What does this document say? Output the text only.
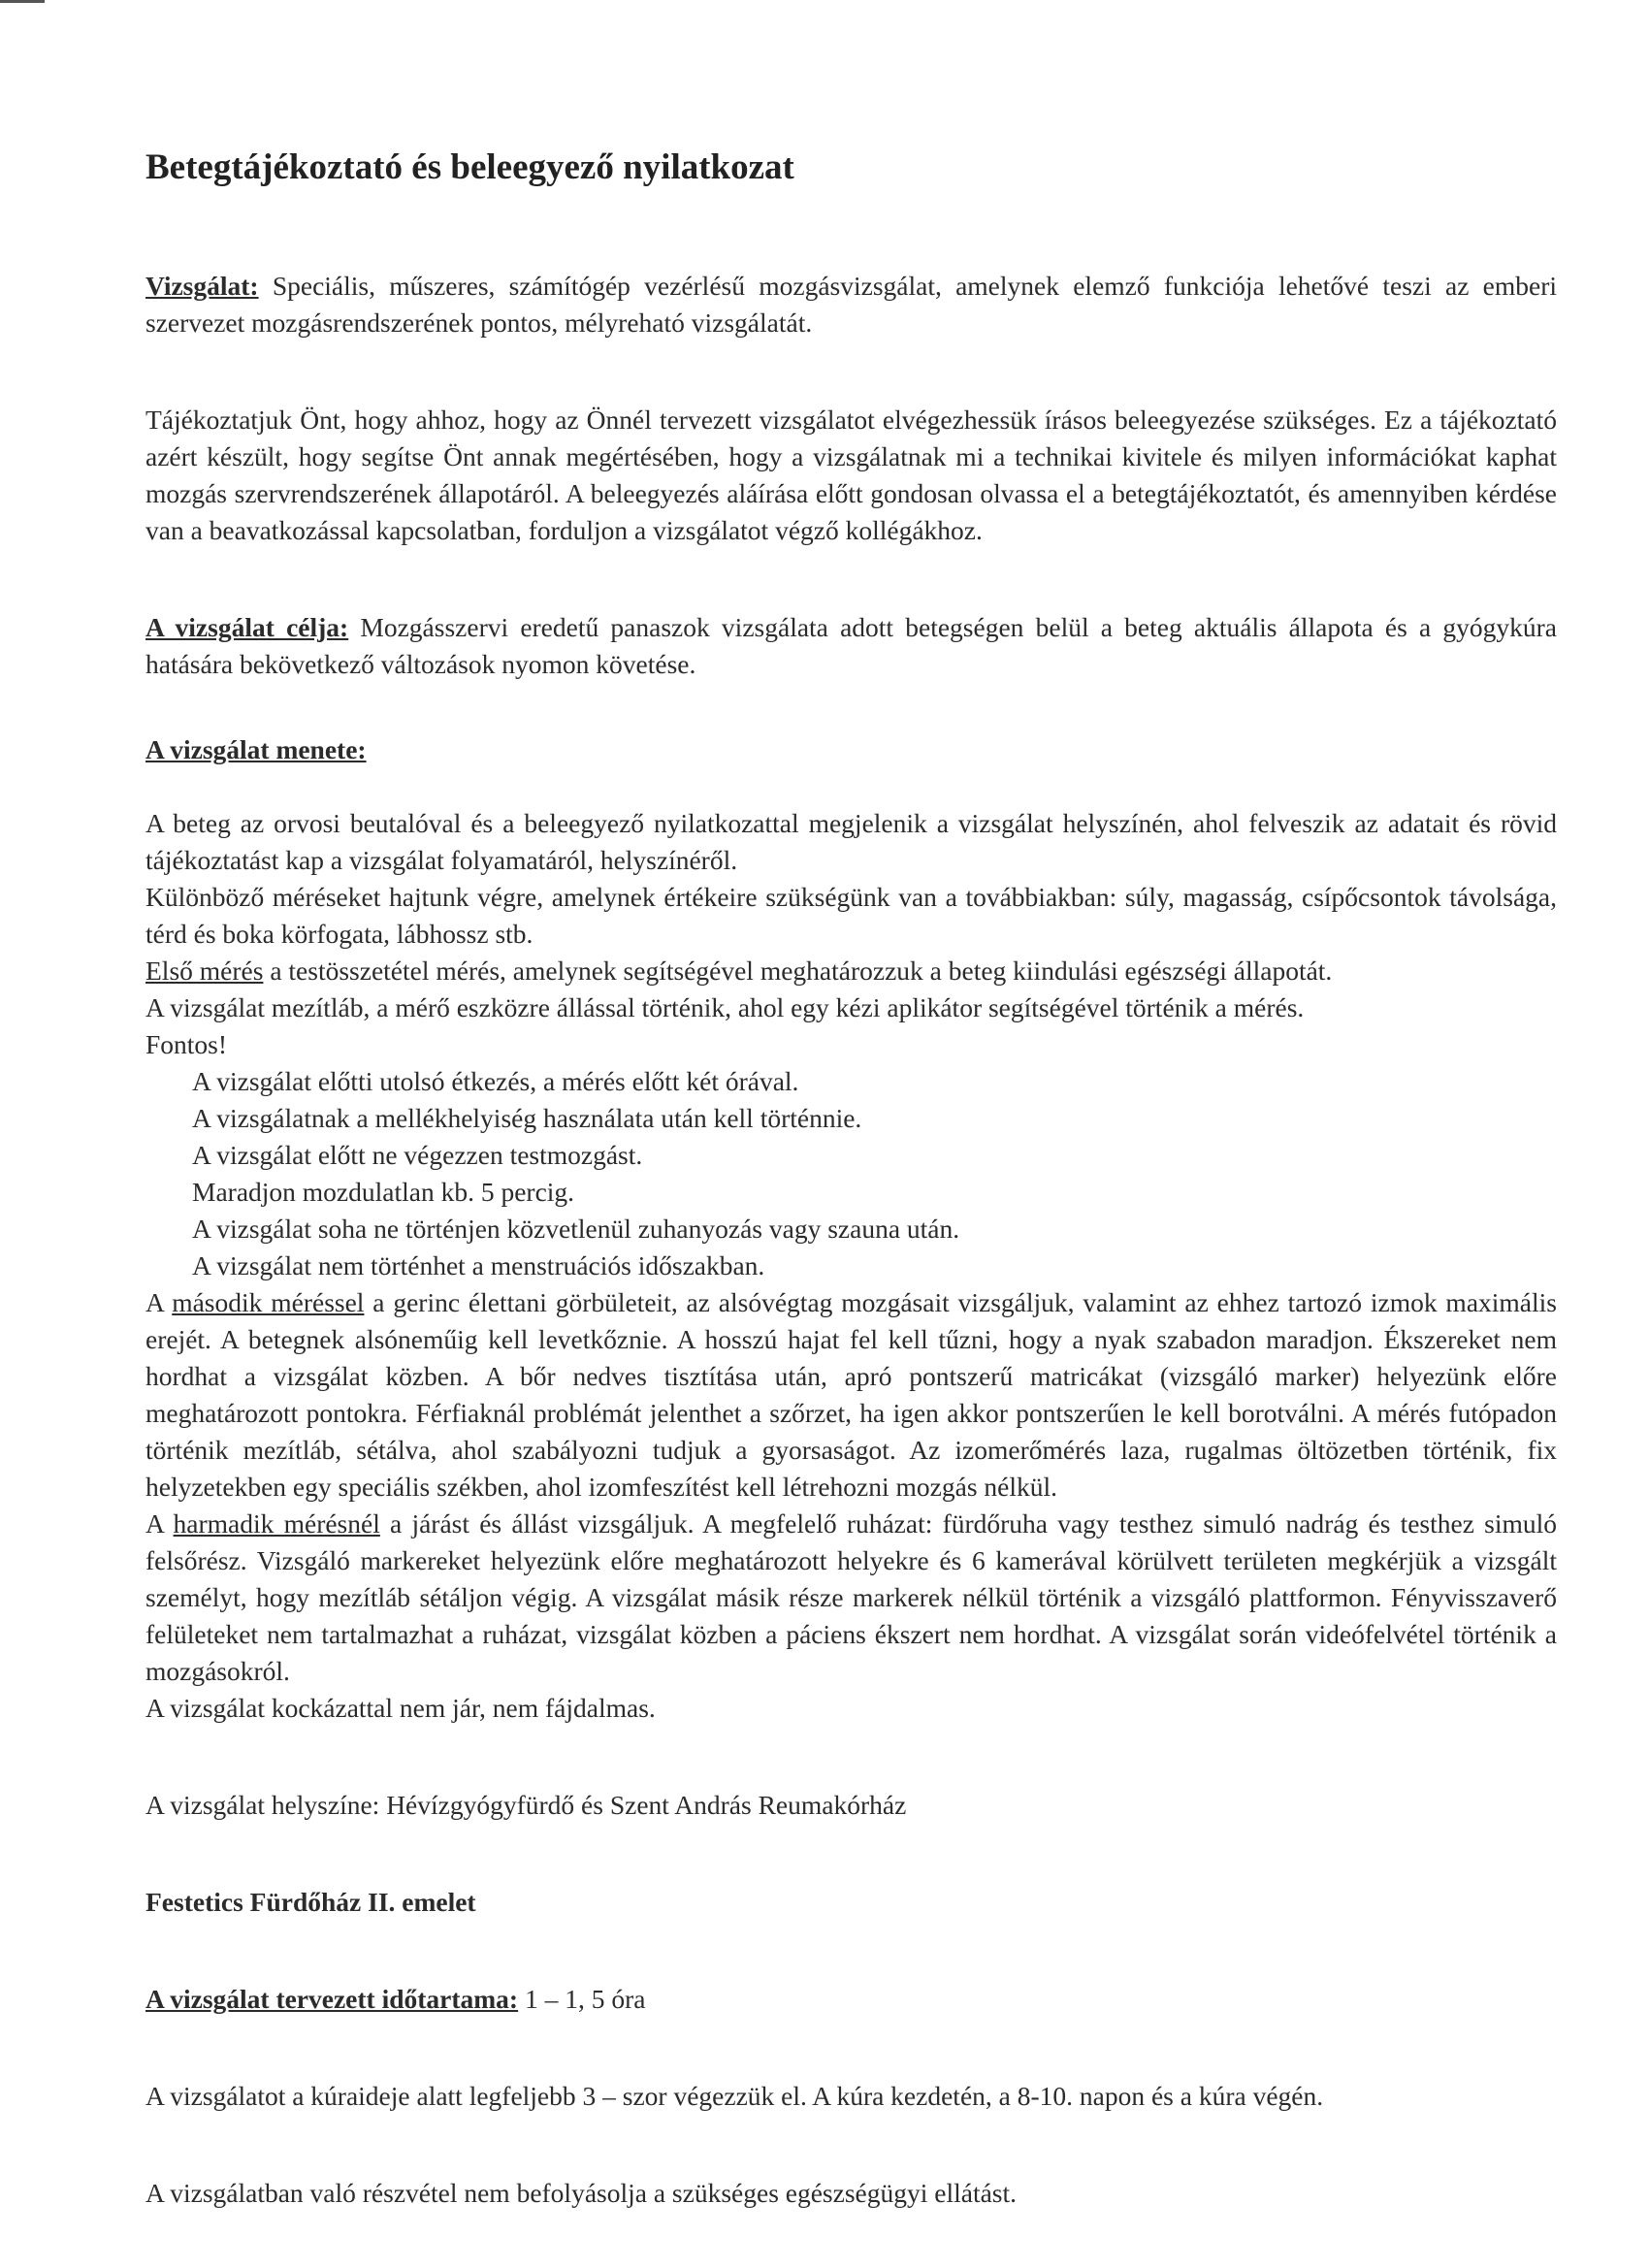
Betegtájékoztató és beleegyező nyilatkozat

Vizsgálat: Speciális, műszeres, számítógép vezérlésű mozgásvizsgálat, amelynek elemző funkciója lehetővé teszi az emberi szervezet mozgásrendszerének pontos, mélyreható vizsgálatát.

Tájékoztatjuk Önt, hogy ahhoz, hogy az Önnél tervezett vizsgálatot elvégezhessük írásos beleegyezése szükséges. Ez a tájékoztató azért készült, hogy segítse Önt annak megértésében, hogy a vizsgálatnak mi a technikai kivitele és milyen információkat kaphat mozgás szervrendszerének állapotáról. A beleegyezés aláírása előtt gondosan olvassa el a betegtájékoztatót, és amennyiben kérdése van a beavatkozással kapcsolatban, forduljon a vizsgálatot végző kollégákhoz.

A vizsgálat célja: Mozgásszervi eredetű panaszok vizsgálata adott betegségen belül a beteg aktuális állapota és a gyógykúra hatására bekövetkező változások nyomon követése.

A vizsgálat menete:

A beteg az orvosi beutalóval és a beleegyező nyilatkozattal megjelenik a vizsgálat helyszínén, ahol felveszik az adatait és rövid tájékoztatást kap a vizsgálat folyamatáról, helyszínéről.

Különböző méréseket hajtunk végre, amelynek értékeire szükségünk van a továbbiakban: súly, magasság, csípőcsontok távolsága, térd és boka körfogata, lábhossz stb.

Első mérés a testösszetétel mérés, amelynek segítségével meghatározzuk a beteg kiindulási egészségi állapotát.

A vizsgálat mezítláb, a mérő eszközre állással történik, ahol egy kézi aplikátor segítségével történik a mérés.

Fontos!

A vizsgálat előtti utolsó étkezés, a mérés előtt két órával.

A vizsgálatnak a mellékhelyiség használata után kell történnie.

A vizsgálat előtt ne végezzen testmozgást.

Maradjon mozdulatlan kb. 5 percig.

A vizsgálat soha ne történjen közvetlenül zuhanyozás vagy szauna után.

A vizsgálat nem történhet a menstruációs időszakban.

A második méréssel a gerinc élettani görbületeit, az alsóvégtag mozgásait vizsgáljuk, valamint az ehhez tartozó izmok maximális erejét. A betegnek alsóneműig kell levetkőznie. A hosszú hajat fel kell tűzni, hogy a nyak szabadon maradjon. Ékszereket nem hordhat a vizsgálat közben. A bőr nedves tisztítása után, apró pontszerű matricákat (vizsgáló marker) helyezünk előre meghatározott pontokra. Férfiaknál problémát jelenthet a szőrzet, ha igen akkor pontszerűen le kell borotválni. A mérés futópadon történik mezítláb, sétálva, ahol szabályozni tudjuk a gyorsaságot. Az izomerőmérés laza, rugalmas öltözetben történik, fix helyzetekben egy speciális székben, ahol izomfeszítést kell létrehozni mozgás nélkül.

A harmadik mérésnél a járást és állást vizsgáljuk. A megfelelő ruházat: fürdőruha vagy testhez simuló nadrág és testhez simuló felsőrész. Vizsgáló markereket helyezünk előre meghatározott helyekre és 6 kamerával körülvett területen megkérjük a vizsgált személyt, hogy mezítláb sétáljon végig. A vizsgálat másik része markerek nélkül történik a vizsgáló plattformon. Fényvisszaverő felületeket nem tartalmazhat a ruházat, vizsgálat közben a páciens ékszert nem hordhat. A vizsgálat során videófelvétel történik a mozgásokról.

A vizsgálat kockázattal nem jár, nem fájdalmas.

A vizsgálat helyszíne: Hévízgyógyfürdő és Szent András Reumakórház

Festetics Fürdőház II. emelet

A vizsgálat tervezett időtartama: 1 – 1, 5 óra

A vizsgálatot a kúraideje alatt legfeljebb 3 – szor végezzük el. A kúra kezdetén, a 8-10. napon és a kúra végén.

A vizsgálatban való részvétel nem befolyásolja a szükséges egészségügyi ellátást.
